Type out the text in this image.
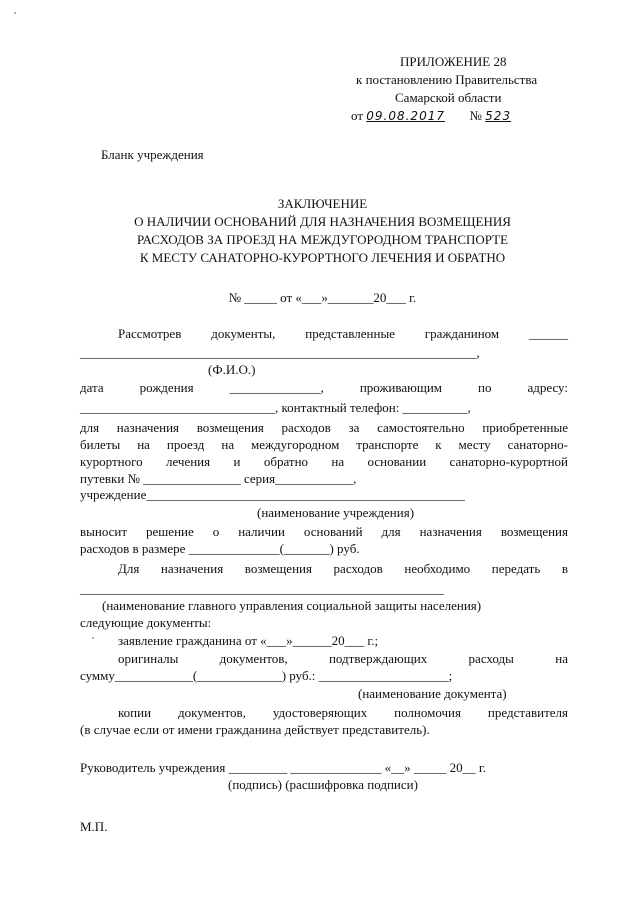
ПРИЛОЖЕНИЕ 28
к постановлению Правительства
Самарской области
от 09.08.2017 № 523
Бланк учреждения
ЗАКЛЮЧЕНИЕ
О НАЛИЧИИ ОСНОВАНИЙ ДЛЯ НАЗНАЧЕНИЯ ВОЗМЕЩЕНИЯ
РАСХОДОВ ЗА ПРОЕЗД НА МЕЖДУГОРОДНОМ ТРАНСПОРТЕ
К МЕСТУ САНАТОРНО-КУРОРТНОГО ЛЕЧЕНИЯ И ОБРАТНО
№ _____ от «___»_______20___ г.
Рассмотрев документы, представленные гражданином ______
_____________________________________________________________,
(Ф.И.О.)
дата рождения ______________, проживающим по адресу:
______________________________, контактный телефон: __________,
для назначения возмещения расходов за самостоятельно приобретенные
билеты на проезд на междугородном транспорте к месту санаторно-
курортного лечения и обратно на основании санаторно-курортной
путевки № _______________ серия____________,
учреждение_________________________________________________
(наименование учреждения)
выносит решение о наличии оснований для назначения возмещения
расходов в размере ______________(_______) руб.
Для назначения возмещения расходов необходимо передать в
________________________________________________________
(наименование главного управления социальной защиты населения)
следующие документы:
заявление гражданина от «___»______20___ г.;
оригиналы документов, подтверждающих расходы на
сумму____________(_____________) руб.: ____________________;
(наименование документа)
копии документов, удостоверяющих полномочия представителя
(в случае если от имени гражданина действует представитель).
Руководитель учреждения _________ ______________ «__» _____ 20__ г.
(подпись) (расшифровка подписи)
М.П.
